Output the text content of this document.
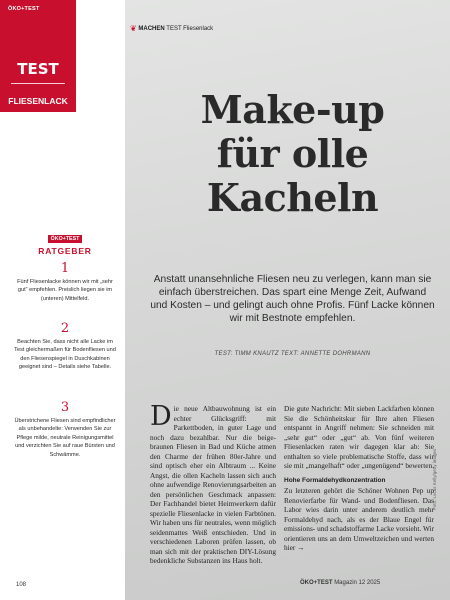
ÖKO+TEST
TEST
FLIESENLACK
❦ MACHEN TEST Fliesenlack
Make-up
für olle
Kacheln
Anstatt unansehnliche Fliesen neu zu verlegen, kann man sie einfach überstreichen. Das spart eine Menge Zeit, Aufwand und Kosten – und gelingt auch ohne Profis. Fünf Lacke können wir mit Bestnote empfehlen.
TEST: TIMM KNAUTZ TEXT: ANNETTE DOHRMANN
ÖKO+TEST
RATGEBER
1
Fünf Fliesenlacke können wir mit „sehr gut“ empfehlen. Preislich liegen sie im (unteren) Mittelfeld.
2
Beachten Sie, dass nicht alle Lacke im Test gleichermaßen für Bodenfliesen und den Fliesenspiegel in Duschkabinen geeignet sind – Details siehe Tabelle.
3
Überstrichene Fliesen sind empfindlicher als unbehandelte: Verwenden Sie zur Pflege milde, neutrale Reinigungsmittel und verzichten Sie auf raue Bürsten und Schwämme.
Die neue Altbauwohnung ist ein echter Glücksgriff: mit Parkettboden, in guter Lage und noch dazu bezahlbar. Nur die beige-braunen Fliesen in Bad und Küche atmen den Charme der frühen 80er-Jahre und sind optisch eher ein Albtraum ... Keine Angst, die ollen Kacheln lassen sich auch ohne aufwendige Renovierungsarbeiten an den persönlichen Geschmack anpassen: Der Fachhandel bietet Heimwerkern dafür spezielle Fliesenlacke in vielen Farbtönen. Wir haben uns für neutrales, wenn möglich seidenmattes Weiß entschieden. Und in verschiedenen Laboren prüfen lassen, ob man sich mit der praktischen DIY-Lösung bedenkliche Substanzen ins Haus holt.

Die gute Nachricht: Mit sieben Lackfarben können Sie die Schönheitskur für Ihre alten Fliesen entspannt in Angriff nehmen: Sie schneiden mit „sehr gut“ oder „gut“ ab. Von fünf weiteren Fliesenlacken raten wir dagegen klar ab: Sie enthalten so viele problematische Stoffe, dass wir sie mit „mangelhaft“ oder „ungenügend“ bewerten.

Hohe Formaldehydkonzentration

Zu letzteren gehört die Schöner Wohnen Pep up Renovierfarbe für Wand- und Bodenfliesen. Das Labor wies darin unter anderem deutlich mehr Formaldehyd nach, als es der Blaue Engel für emissions- und schadstoffarme Lacke vorsieht. Wir orientieren uns an dem Umweltzeichen und werten hier →

Foto: Lucas Kelly/getty images
108	ÖKO+TEST Magazin 12 2025
